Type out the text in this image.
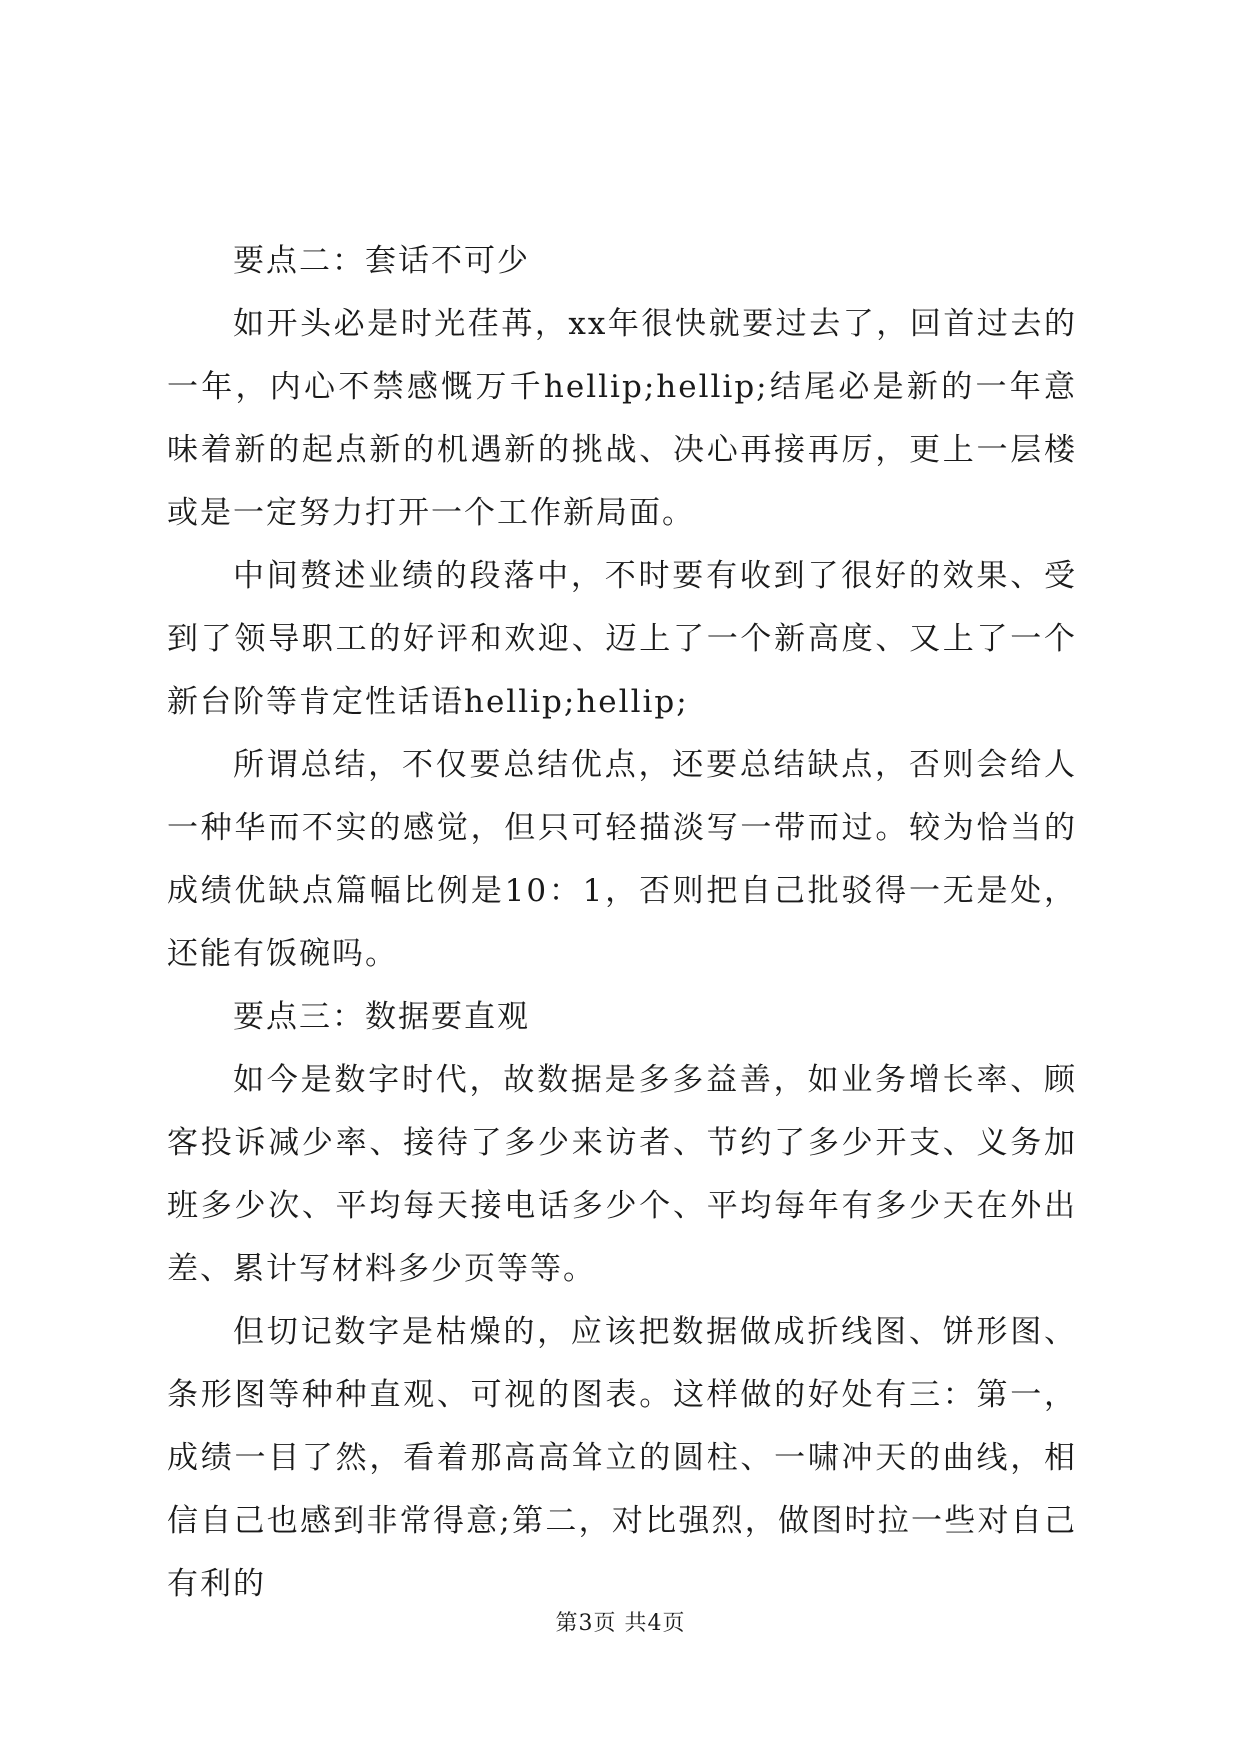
要点二：套话不可少

如开头必是时光荏苒，xx年很快就要过去了，回首过去的一年，内心不禁感慨万千hellip;hellip;结尾必是新的一年意味着新的起点新的机遇新的挑战、决心再接再厉，更上一层楼或是一定努力打开一个工作新局面。

中间赘述业绩的段落中，不时要有收到了很好的效果、受到了领导职工的好评和欢迎、迈上了一个新高度、又上了一个新台阶等肯定性话语hellip;hellip;

所谓总结，不仅要总结优点，还要总结缺点，否则会给人一种华而不实的感觉，但只可轻描淡写一带而过。较为恰当的成绩优缺点篇幅比例是10：1，否则把自己批驳得一无是处，还能有饭碗吗。

要点三：数据要直观

如今是数字时代，故数据是多多益善，如业务增长率、顾客投诉减少率、接待了多少来访者、节约了多少开支、义务加班多少次、平均每天接电话多少个、平均每年有多少天在外出差、累计写材料多少页等等。

但切记数字是枯燥的，应该把数据做成折线图、饼形图、条形图等种种直观、可视的图表。这样做的好处有三：第一，成绩一目了然，看着那高高耸立的圆柱、一啸冲天的曲线，相信自己也感到非常得意;第二，对比强烈，做图时拉一些对自己有利的

第3页 共4页
